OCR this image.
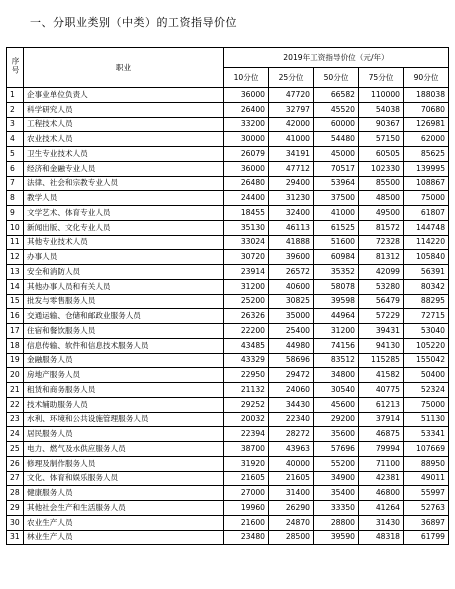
一、分职业类别（中类）的工资指导价位
序号	职业	2019年工资指导价位（元/年）				
		10分位	25分位	50分位	75分位	90分位
1	企事业单位负责人	36000	47720	66582	110000	188038
2	科学研究人员	26400	32797	45520	54038	70680
3	工程技术人员	33200	42000	60000	90367	126981
4	农业技术人员	30000	41000	54480	57150	62000
5	卫生专业技术人员	26079	34191	45000	60505	85625
6	经济和金融专业人员	36000	47712	70517	102330	139995
7	法律、社会和宗教专业人员	26480	29400	53964	85500	108867
8	教学人员	24400	31230	37500	48500	75000
9	文学艺术、体育专业人员	18455	32400	41000	49500	61807
10	新闻出版、文化专业人员	35130	46113	61525	81572	144748
11	其他专业技术人员	33024	41888	51600	72328	114220
12	办事人员	30720	39600	60984	81312	105840
13	安全和消防人员	23914	26572	35352	42099	56391
14	其他办事人员和有关人员	31200	40600	58078	53280	80342
15	批发与零售服务人员	25200	30825	39598	56479	88295
16	交通运输、仓储和邮政业服务人员	26326	35000	44964	57229	72715
17	住宿和餐饮服务人员	22200	25400	31200	39431	53040
18	信息传输、软件和信息技术服务人员	43485	44980	74156	94130	105220
19	金融服务人员	43329	58696	83512	115285	155042
20	房地产服务人员	22950	29472	34800	41582	50400
21	租赁和商务服务人员	21132	24060	30540	40775	52324
22	技术辅助服务人员	29252	34430	45600	61213	75000
23	水利、环境和公共设施管理服务人员	20032	22340	29200	37914	51130
24	居民服务人员	22394	28272	35600	46875	53341
25	电力、燃气及水供应服务人员	38700	43963	57696	79994	107669
26	修理及制作服务人员	31920	40000	55200	71100	88950
27	文化、体育和娱乐服务人员	21605	21605	34900	42381	49011
28	健康服务人员	27000	31400	35400	46800	55997
29	其他社会生产和生活服务人员	19960	26290	33350	41264	52763
30	农业生产人员	21600	24870	28800	31430	36897
31	林业生产人员	23480	28500	39590	48318	61799
